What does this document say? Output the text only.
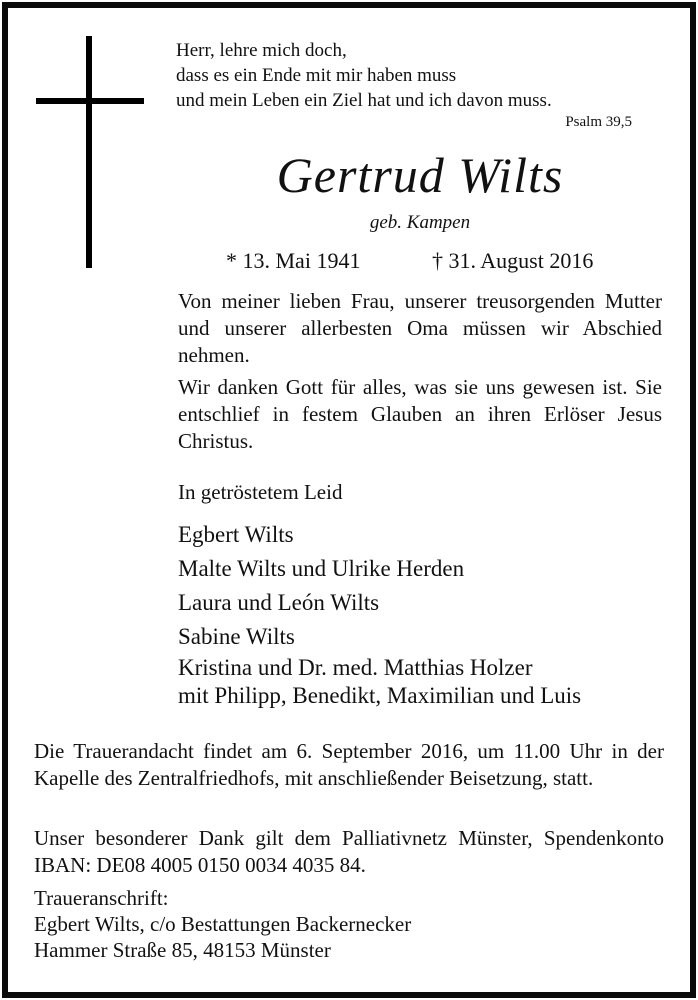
Herr, lehre mich doch,
dass es ein Ende mit mir haben muss
und mein Leben ein Ziel hat und ich davon muss.
Psalm 39,5
Gertrud Wilts
geb. Kampen
* 13. Mai 1941	† 31. August 2016
Von meiner lieben Frau, unserer treusorgenden Mutter und unserer allerbesten Oma müssen wir Abschied nehmen.
Wir danken Gott für alles, was sie uns gewesen ist. Sie entschlief in festem Glauben an ihren Erlöser Jesus Christus.
In getröstetem Leid
Egbert Wilts
Malte Wilts und Ulrike Herden
Laura und León Wilts
Sabine Wilts
Kristina und Dr. med. Matthias Holzer
mit Philipp, Benedikt, Maximilian und Luis
Die Trauerandacht findet am 6. September 2016, um 11.00 Uhr in der Kapelle des Zentralfriedhofs, mit anschließender Beisetzung, statt.
Unser besonderer Dank gilt dem Palliativnetz Münster, Spendenkonto IBAN: DE08 4005 0150 0034 4035 84.
Traueranschrift:
Egbert Wilts, c/o Bestattungen Backernecker
Hammer Straße 85, 48153 Münster
